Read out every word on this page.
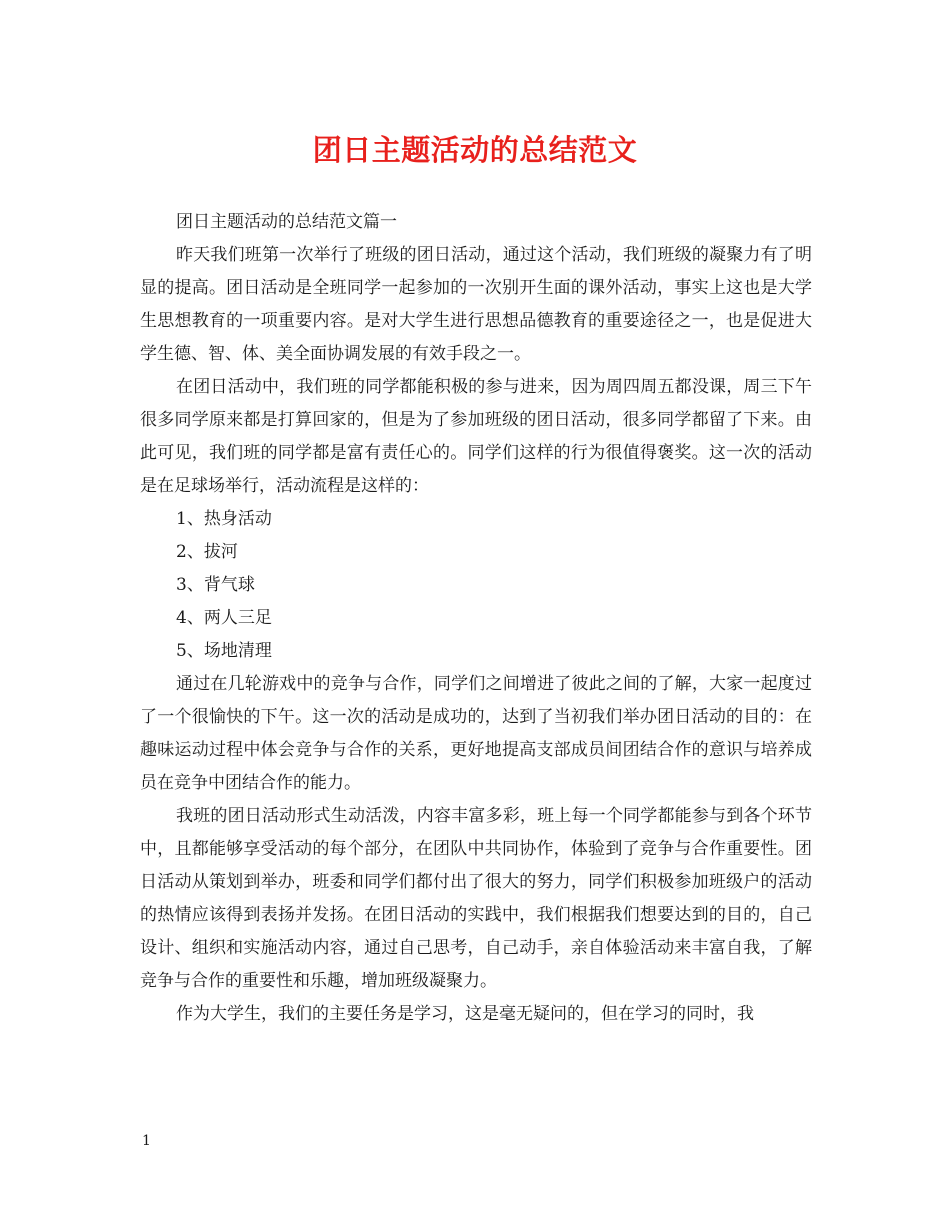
团日主题活动的总结范文

团日主题活动的总结范文篇一

昨天我们班第一次举行了班级的团日活动，通过这个活动，我们班级的凝聚力有了明显的提高。团日活动是全班同学一起参加的一次别开生面的课外活动，事实上这也是大学生思想教育的一项重要内容。是对大学生进行思想品德教育的重要途径之一，也是促进大学生德、智、体、美全面协调发展的有效手段之一。

在团日活动中，我们班的同学都能积极的参与进来，因为周四周五都没课，周三下午很多同学原来都是打算回家的，但是为了参加班级的团日活动，很多同学都留了下来。由此可见，我们班的同学都是富有责任心的。同学们这样的行为很值得褒奖。这一次的活动是在足球场举行，活动流程是这样的：

1、热身活动

2、拔河

3、背气球

4、两人三足

5、场地清理

通过在几轮游戏中的竞争与合作，同学们之间增进了彼此之间的了解，大家一起度过了一个很愉快的下午。这一次的活动是成功的，达到了当初我们举办团日活动的目的：在趣味运动过程中体会竞争与合作的关系，更好地提高支部成员间团结合作的意识与培养成员在竞争中团结合作的能力。

我班的团日活动形式生动活泼，内容丰富多彩，班上每一个同学都能参与到各个环节中，且都能够享受活动的每个部分，在团队中共同协作，体验到了竞争与合作重要性。团日活动从策划到举办，班委和同学们都付出了很大的努力，同学们积极参加班级户的活动的热情应该得到表扬并发扬。在团日活动的实践中，我们根据我们想要达到的目的，自己设计、组织和实施活动内容，通过自己思考，自己动手，亲自体验活动来丰富自我，了解竞争与合作的重要性和乐趣，增加班级凝聚力。

作为大学生，我们的主要任务是学习，这是毫无疑问的，但在学习的同时，我

1
